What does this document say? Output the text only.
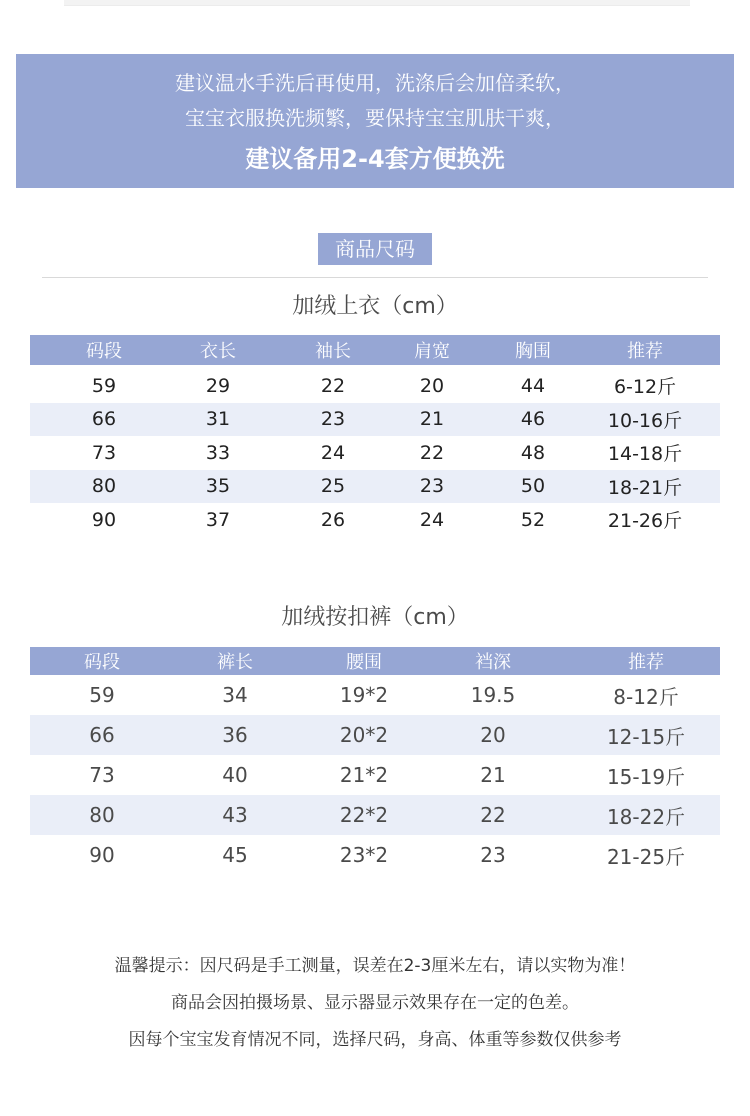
建议温水手洗后再使用，洗涤后会加倍柔软，
宝宝衣服换洗频繁，要保持宝宝肌肤干爽，
建议备用2-4套方便换洗
商品尺码
加绒上衣（cm）
码段	衣长	袖长	肩宽	胸围	推荐
59	29	22	20	44	6-12斤
66	31	23	21	46	10-16斤
73	33	24	22	48	14-18斤
80	35	25	23	50	18-21斤
90	37	26	24	52	21-26斤
加绒按扣裤（cm）
码段	裤长	腰围	裆深	推荐
59	34	19*2	19.5	8-12斤
66	36	20*2	20	12-15斤
73	40	21*2	21	15-19斤
80	43	22*2	22	18-22斤
90	45	23*2	23	21-25斤
温馨提示：因尺码是手工测量，误差在2-3厘米左右，请以实物为准！
商品会因拍摄场景、显示器显示效果存在一定的色差。
因每个宝宝发育情况不同，选择尺码，身高、体重等参数仅供参考
